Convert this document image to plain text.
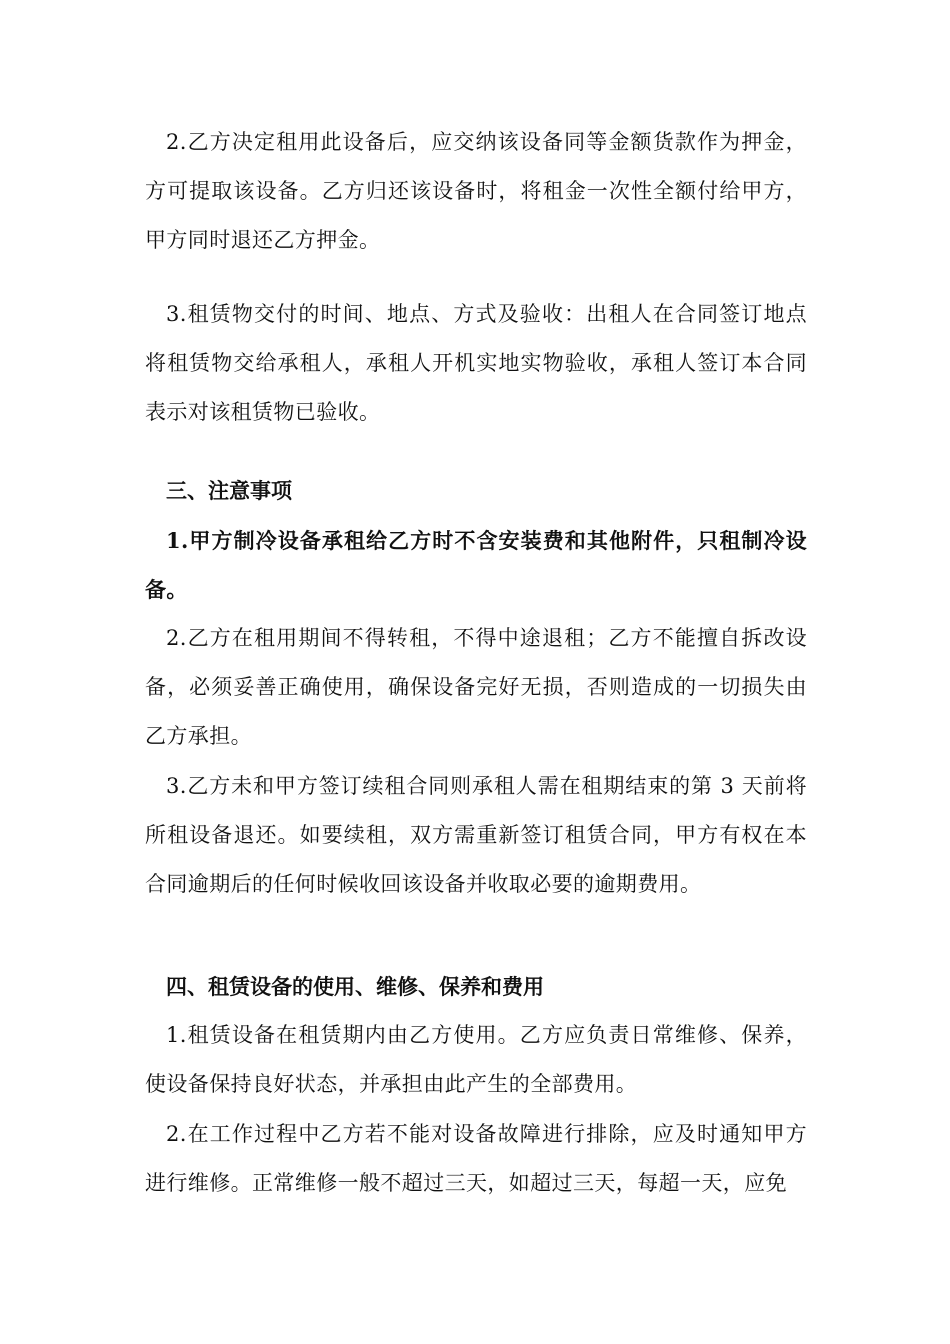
2.乙方决定租用此设备后，应交纳该设备同等金额货款作为押金，方可提取该设备。乙方归还该设备时，将租金一次性全额付给甲方，甲方同时退还乙方押金。

3.租赁物交付的时间、地点、方式及验收：出租人在合同签订地点将租赁物交给承租人，承租人开机实地实物验收，承租人签订本合同表示对该租赁物已验收。

三、注意事项

1.甲方制冷设备承租给乙方时不含安装费和其他附件，只租制冷设备。

2.乙方在租用期间不得转租，不得中途退租；乙方不能擅自拆改设备，必须妥善正确使用，确保设备完好无损，否则造成的一切损失由乙方承担。

3.乙方未和甲方签订续租合同则承租人需在租期结束的第 3 天前将所租设备退还。如要续租，双方需重新签订租赁合同，甲方有权在本合同逾期后的任何时候收回该设备并收取必要的逾期费用。

四、租赁设备的使用、维修、保养和费用

1.租赁设备在租赁期内由乙方使用。乙方应负责日常维修、保养，使设备保持良好状态，并承担由此产生的全部费用。

2.在工作过程中乙方若不能对设备故障进行排除，应及时通知甲方进行维修。正常维修一般不超过三天，如超过三天，每超一天，应免
